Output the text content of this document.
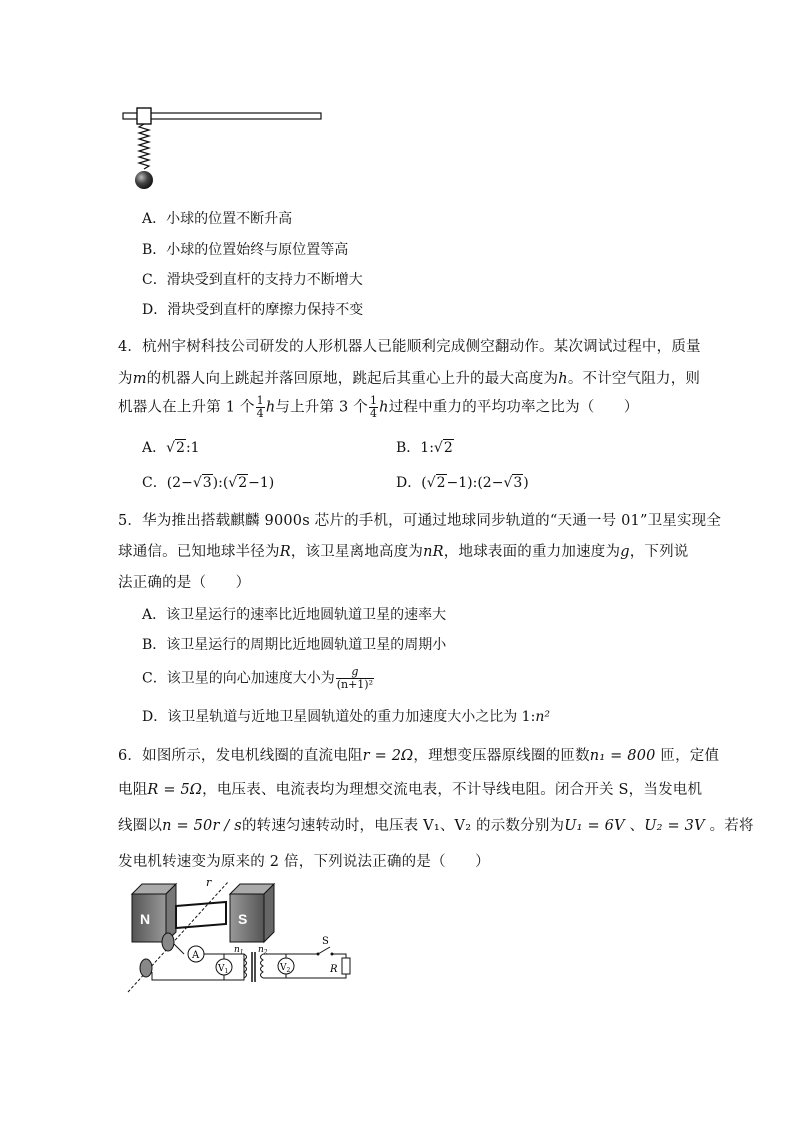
A．小球的位置不断升高
B．小球的位置始终与原位置等高
C．滑块受到直杆的支持力不断增大
D．滑块受到直杆的摩擦力保持不变
4．杭州宇树科技公司研发的人形机器人已能顺利完成侧空翻动作。某次调试过程中，质量
为m的机器人向上跳起并落回原地，跳起后其重心上升的最大高度为h。不计空气阻力，则
机器人在上升第 1 个 $\frac{1}{4}$ h与上升第 3 个 $\frac{1}{4}$ h过程中重力的平均功率之比为（　　）
A．√2:1	B．1:√2
C．(2−√3):(√2−1)	D．(√2−1):(2−√3)
5．华为推出搭载麒麟 9000s 芯片的手机，可通过地球同步轨道的“天通一号 01”卫星实现全
球通信。已知地球半径为R，该卫星离地高度为nR，地球表面的重力加速度为g，下列说
法正确的是（　　）
A．该卫星运行的速率比近地圆轨道卫星的速率大
B．该卫星运行的周期比近地圆轨道卫星的周期小
C．该卫星的向心加速度大小为 $\frac{g}{\text{(n+1)²}}$
D．该卫星轨道与近地卫星圆轨道处的重力加速度大小之比为 1:n²
6．如图所示，发电机线圈的直流电阻r = 2Ω，理想变压器原线圈的匝数n₁ = 800 匝，定值
电阻R = 5Ω，电压表、电流表均为理想交流电表，不计导线电阻。闭合开关 S，当发电机
线圈以n = 50r / s的转速匀速转动时，电压表 V₁、V₂ 的示数分别为U₁ = 6V 、U₂ = 3V 。若将
发电机转速变为原来的 2 倍，下列说法正确的是（　　）
N	S
r
A
$V_1$
$n_1$ $n_2$
$V_2$
S
R
